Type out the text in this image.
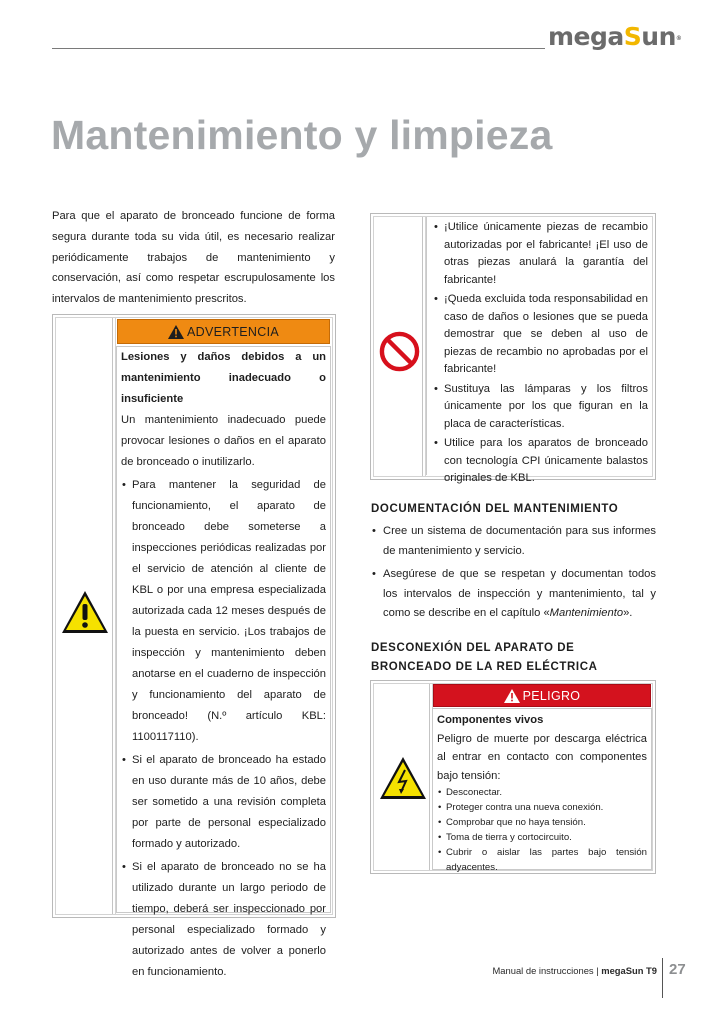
megaSun®
Mantenimiento y limpieza

Para que el aparato de bronceado funcione de forma segura durante toda su vida útil, es necesario realizar periódicamente trabajos de mantenimiento y conservación, así como respetar escrupulosamente los intervalos de mantenimiento prescritos.

ADVERTENCIA

Lesiones y daños debidos a un mantenimiento inadecuado o insuficiente

Un mantenimiento inadecuado puede provocar lesiones o daños en el aparato de bronceado o inutilizarlo.

• Para mantener la seguridad de funcionamiento, el aparato de bronceado debe someterse a inspecciones periódicas realizadas por el servicio de atención al cliente de KBL o por una empresa especializada autorizada cada 12 meses después de la puesta en servicio. ¡Los trabajos de inspección y mantenimiento deben anotarse en el cuaderno de inspección y funcionamiento del aparato de bronceado! (N.º artículo KBL: 1100117110).
• Si el aparato de bronceado ha estado en uso durante más de 10 años, debe ser sometido a una revisión completa por parte de personal especializado formado y autorizado.
• Si el aparato de bronceado no se ha utilizado durante un largo periodo de tiempo, deberá ser inspeccionado por personal especializado formado y autorizado antes de volver a ponerlo en funcionamiento.
• ¡Utilice únicamente piezas de recambio autorizadas por el fabricante! ¡El uso de otras piezas anulará la garantía del fabricante!
• ¡Queda excluida toda responsabilidad en caso de daños o lesiones que se pueda demostrar que se deben al uso de piezas de recambio no aprobadas por el fabricante!
• Sustituya las lámparas y los filtros únicamente por los que figuran en la placa de características.
• Utilice para los aparatos de bronceado con tecnología CPI únicamente balastos originales de KBL.
DOCUMENTACIÓN DEL MANTENIMIENTO
• Cree un sistema de documentación para sus informes de mantenimiento y servicio.
• Asegúrese de que se respetan y documentan todos los intervalos de inspección y mantenimiento, tal y como se describe en el capítulo «Mantenimiento».
DESCONEXIÓN DEL APARATO DE
BRONCEADO DE LA RED ELÉCTRICA
PELIGRO

Componentes vivos

Peligro de muerte por descarga eléctrica al entrar en contacto con componentes bajo tensión:

• Desconectar.
• Proteger contra una nueva conexión.
• Comprobar que no haya tensión.
• Toma de tierra y cortocircuito.
• Cubrir o aislar las partes bajo tensión adyacentes.
Manual de instrucciones | megaSun T9 27
